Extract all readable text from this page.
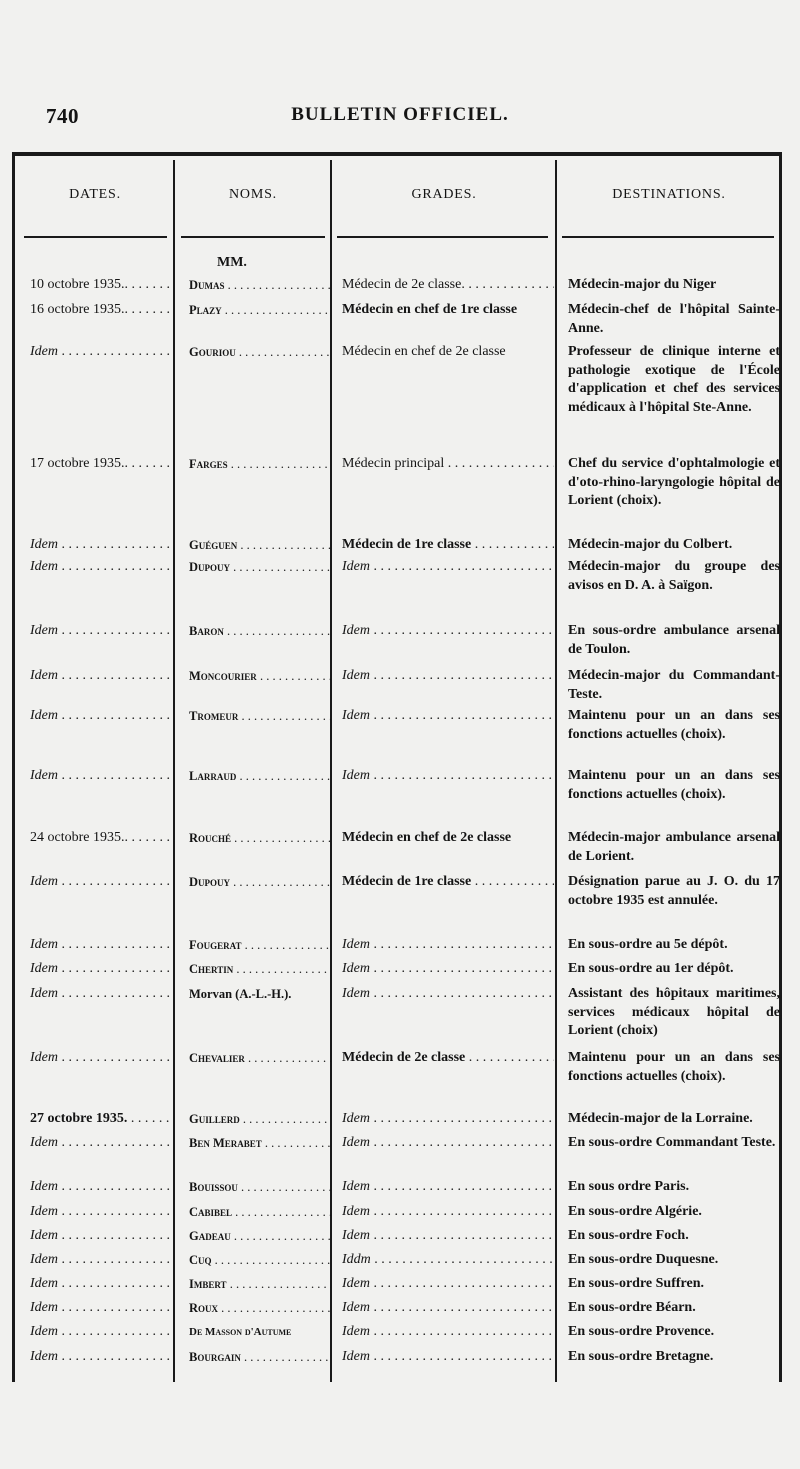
740	BULLETIN OFFICIEL.
DATES.	NOMS.	GRADES.	DESTINATIONS.
MM.
10 octobre 1935.. . . .	Dumas . . .	Médecin de 2e classe. . . .	Médecin-major du Niger
16 octobre 1935.. . . .	Plazy . . .	Médecin en chef de 1re classe	Médecin-chef de l'hôpital Sainte-Anne.
Idem . . .	Gouriou . . .	Médecin en chef de 2e classe	Professeur de clinique interne et pathologie exotique de l'École d'application et chef des services médicaux à l'hôpital Ste-Anne.
17 octobre 1935.. . . .	Farges . . .	Médecin principal . . .	Chef du service d'ophtalmologie et d'oto-rhino-laryngologie hôpital de Lorient (choix).
Idem . . .	Guéguen . . .	Médecin de 1re classe . . .	Médecin-major du Colbert.
Idem . . .	Dupouy . . .	Idem . . .	Médecin-major du groupe des avisos en D. A. à Saïgon.
Idem . . .	Baron . . .	Idem . . .	En sous-ordre ambulance arsenal de Toulon.
Idem . . .	Moncourier . . .	Idem . . .	Médecin-major du Commandant-Teste.
Idem . . .	Tromeur . . .	Idem . . .	Maintenu pour un an dans ses fonctions actuelles (choix).
Idem . . .	Larraud . . .	Idem . . .	Maintenu pour un an dans ses fonctions actuelles (choix).
24 octobre 1935.. . . .	Rouché . . .	Médecin en chef de 2e classe	Médecin-major ambulance arsenal de Lorient.
Idem . . .	Dupouy . . .	Médecin de 1re classe . . .	Désignation parue au J. O. du 17 octobre 1935 est annulée.
Idem . . .	Fougerat . . .	Idem . . .	En sous-ordre au 5e dépôt.
Idem . . .	Chertin . . .	Idem . . .	En sous-ordre au 1er dépôt.
Idem . . .	Morvan (A.-L.-H.).	Idem . . .	Assistant des hôpitaux maritimes, services médicaux hôpital de Lorient (choix)
Idem . . .	Chevalier . . .	Médecin de 2e classe . . .	Maintenu pour un an dans ses fonctions actuelles (choix).
27 octobre 1935. . . .	Guillerd . . .	Idem . . .	Médecin-major de la Lorraine.
Idem . . .	Ben Merabet . . .	Idem . . .	En sous-ordre Commandant Teste.
Idem . . .	Bouissou . . .	Idem . . .	En sous ordre Paris.
Idem . . .	Cabibel . . .	Idem . . .	En sous-ordre Algérie.
Idem . . .	Gadeau . . .	Idem . . .	En sous-ordre Foch.
Idem . . .	Cuq . . .	Iddm . . .	En sous-ordre Duquesne.
Idem . . .	Imbert . . .	Idem . . .	En sous-ordre Suffren.
Idem . . .	Roux . . .	Idem . . .	En sous-ordre Béarn.
Idem . . .	De Masson d'Autume	Idem . . .	En sous-ordre Provence.
Idem . . .	Bourgain . . .	Idem . . .	En sous-ordre Bretagne.
